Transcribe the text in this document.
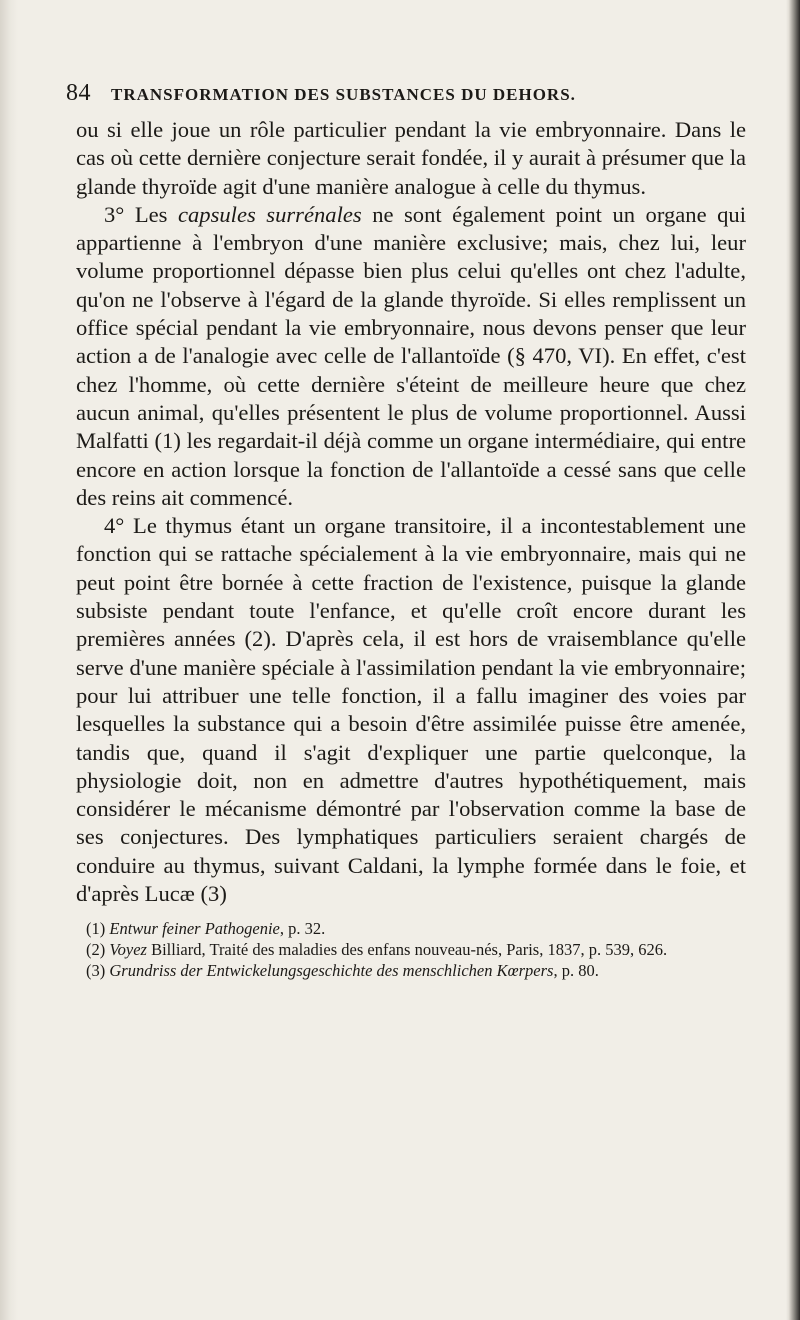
84 TRANSFORMATION DES SUBSTANCES DU DEHORS.

ou si elle joue un rôle particulier pendant la vie embryonnaire. Dans le cas où cette dernière conjecture serait fondée, il y aurait à présumer que la glande thyroïde agit d'une manière analogue à celle du thymus.

3° Les capsules surrénales ne sont également point un organe qui appartienne à l'embryon d'une manière exclusive; mais, chez lui, leur volume proportionnel dépasse bien plus celui qu'elles ont chez l'adulte, qu'on ne l'observe à l'égard de la glande thyroïde. Si elles remplissent un office spécial pendant la vie embryonnaire, nous devons penser que leur action a de l'analogie avec celle de l'allantoïde (§ 470, VI). En effet, c'est chez l'homme, où cette dernière s'éteint de meilleure heure que chez aucun animal, qu'elles présentent le plus de volume proportionnel. Aussi Malfatti (1) les regardait-il déjà comme un organe intermédiaire, qui entre encore en action lorsque la fonction de l'allantoïde a cessé sans que celle des reins ait commencé.

4° Le thymus étant un organe transitoire, il a incontestablement une fonction qui se rattache spécialement à la vie embryonnaire, mais qui ne peut point être bornée à cette fraction de l'existence, puisque la glande subsiste pendant toute l'enfance, et qu'elle croît encore durant les premières années (2). D'après cela, il est hors de vraisemblance qu'elle serve d'une manière spéciale à l'assimilation pendant la vie embryonnaire; pour lui attribuer une telle fonction, il a fallu imaginer des voies par lesquelles la substance qui a besoin d'être assimilée puisse être amenée, tandis que, quand il s'agit d'expliquer une partie quelconque, la physiologie doit, non en admettre d'autres hypothétiquement, mais considérer le mécanisme démontré par l'observation comme la base de ses conjectures. Des lymphatiques particuliers seraient chargés de conduire au thymus, suivant Caldani, la lymphe formée dans le foie, et d'après Lucæ (3)

(1) Entwur feiner Pathogenie, p. 32.

(2) Voyez Billiard, Traité des maladies des enfans nouveau-nés, Paris, 1837, p. 539, 626.

(3) Grundriss der Entwickelungsgeschichte des menschlichen Kœrpers, p. 80.
